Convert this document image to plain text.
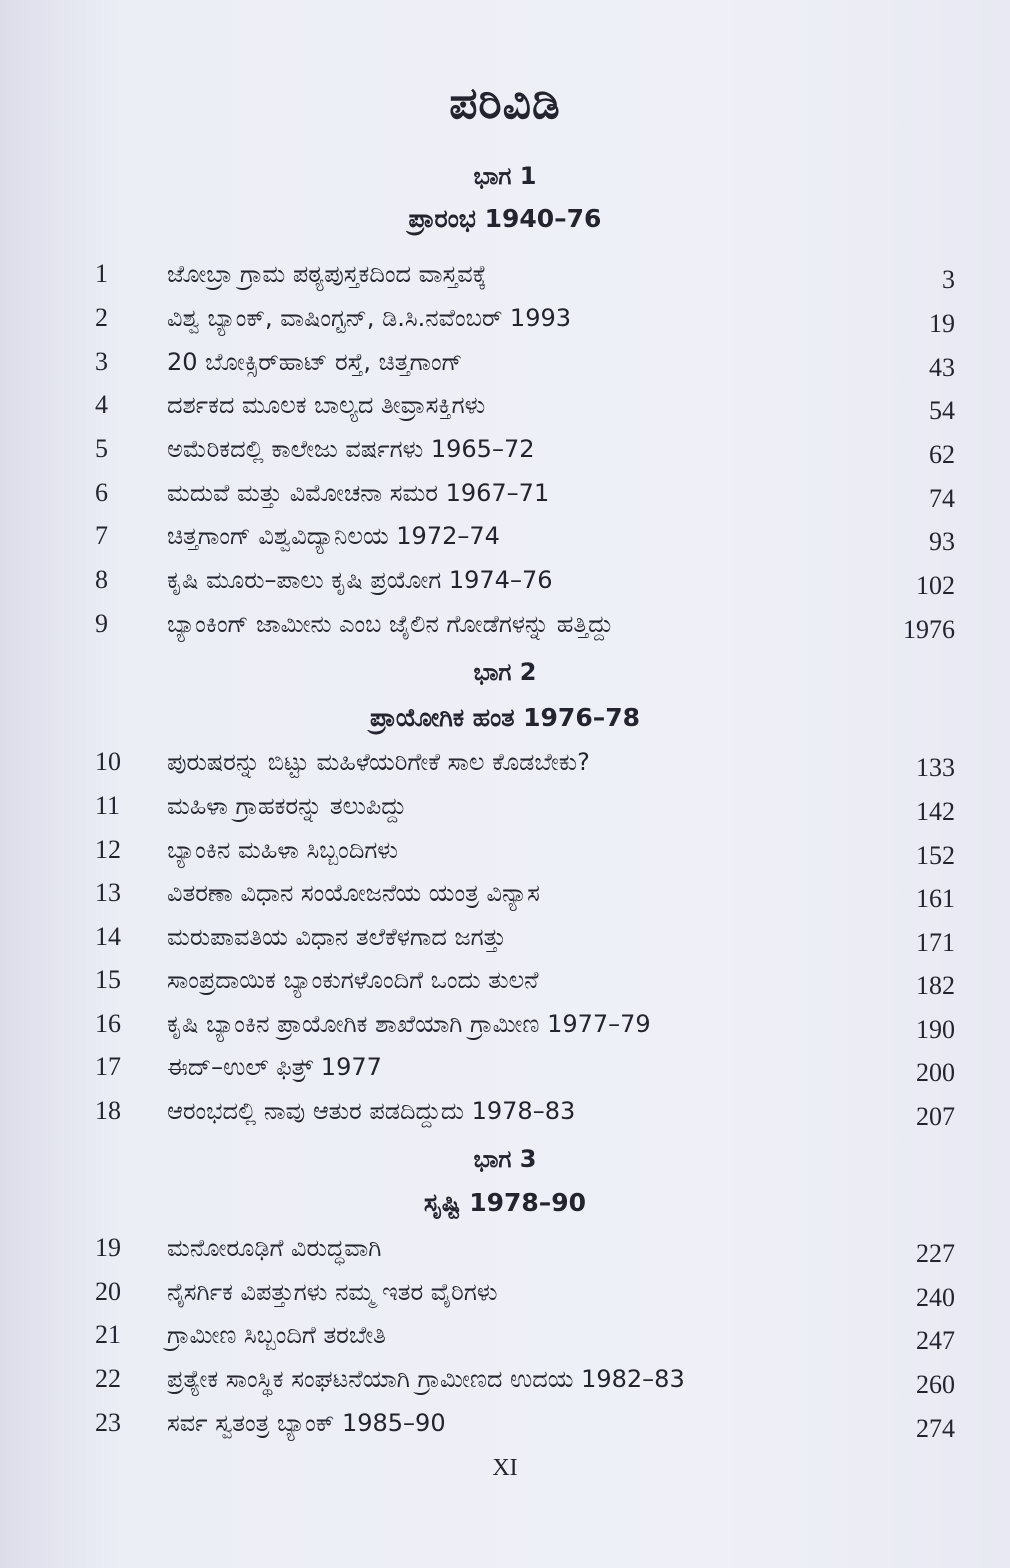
ಪರಿವಿಡಿ
ಭಾಗ 1
ಪ್ರಾರಂಭ 1940–76
1	ಜೋಬ್ರಾ ಗ್ರಾಮ ಪಠ್ಯಪುಸ್ತಕದಿಂದ ವಾಸ್ತವಕ್ಕೆ	3
2	ವಿಶ್ವ ಬ್ಯಾಂಕ್, ವಾಷಿಂಗ್ಟನ್, ಡಿ.ಸಿ.ನವೆಂಬರ್ 1993	19
3	20 ಬೋಕ್ಸಿರ್‌ಹಾಟ್ ರಸ್ತೆ, ಚಿತ್ತಗಾಂಗ್	43
4	ದರ್ಶಕದ ಮೂಲಕ ಬಾಲ್ಯದ ತೀವ್ರಾಸಕ್ತಿಗಳು	54
5	ಅಮೆರಿಕದಲ್ಲಿ ಕಾಲೇಜು ವರ್ಷಗಳು 1965–72	62
6	ಮದುವೆ ಮತ್ತು ವಿಮೋಚನಾ ಸಮರ 1967–71	74
7	ಚಿತ್ತಗಾಂಗ್ ವಿಶ್ವವಿದ್ಯಾನಿಲಯ 1972–74	93
8	ಕೃಷಿ ಮೂರು–ಪಾಲು ಕೃಷಿ ಪ್ರಯೋಗ 1974–76	102
9	ಬ್ಯಾಂಕಿಂಗ್ ಜಾಮೀನು ಎಂಬ ಜೈಲಿನ ಗೋಡೆಗಳನ್ನು ಹತ್ತಿದ್ದು	1976
ಭಾಗ 2
ಪ್ರಾಯೋಗಿಕ ಹಂತ 1976–78
10	ಪುರುಷರನ್ನು ಬಿಟ್ಟು ಮಹಿಳೆಯರಿಗೇಕೆ ಸಾಲ ಕೊಡಬೇಕು?	133
11	ಮಹಿಳಾ ಗ್ರಾಹಕರನ್ನು ತಲುಪಿದ್ದು	142
12	ಬ್ಯಾಂಕಿನ ಮಹಿಳಾ ಸಿಬ್ಬಂದಿಗಳು	152
13	ವಿತರಣಾ ವಿಧಾನ ಸಂಯೋಜನೆಯ ಯಂತ್ರ ವಿನ್ಯಾಸ	161
14	ಮರುಪಾವತಿಯ ವಿಧಾನ ತಲೆಕೆಳಗಾದ ಜಗತ್ತು	171
15	ಸಾಂಪ್ರದಾಯಿಕ ಬ್ಯಾಂಕುಗಳೊಂದಿಗೆ ಒಂದು ತುಲನೆ	182
16	ಕೃಷಿ ಬ್ಯಾಂಕಿನ ಪ್ರಾಯೋಗಿಕ ಶಾಖೆಯಾಗಿ ಗ್ರಾಮೀಣ 1977–79	190
17	ಈದ್–ಉಲ್ ಫಿತ್ರ್ 1977	200
18	ಆರಂಭದಲ್ಲಿ ನಾವು ಆತುರ ಪಡದಿದ್ದುದು 1978–83	207
ಭಾಗ 3
ಸೃಷ್ಟಿ 1978–90
19	ಮನೋರೂಢಿಗೆ ವಿರುದ್ಧವಾಗಿ	227
20	ನೈಸರ್ಗಿಕ ವಿಪತ್ತುಗಳು ನಮ್ಮ ಇತರ ವೈರಿಗಳು	240
21	ಗ್ರಾಮೀಣ ಸಿಬ್ಬಂದಿಗೆ ತರಬೇತಿ	247
22	ಪ್ರತ್ಯೇಕ ಸಾಂಸ್ಥಿಕ ಸಂಘಟನೆಯಾಗಿ ಗ್ರಾಮೀಣದ ಉದಯ 1982–83	260
23	ಸರ್ವ ಸ್ವತಂತ್ರ ಬ್ಯಾಂಕ್ 1985–90	274
XI
